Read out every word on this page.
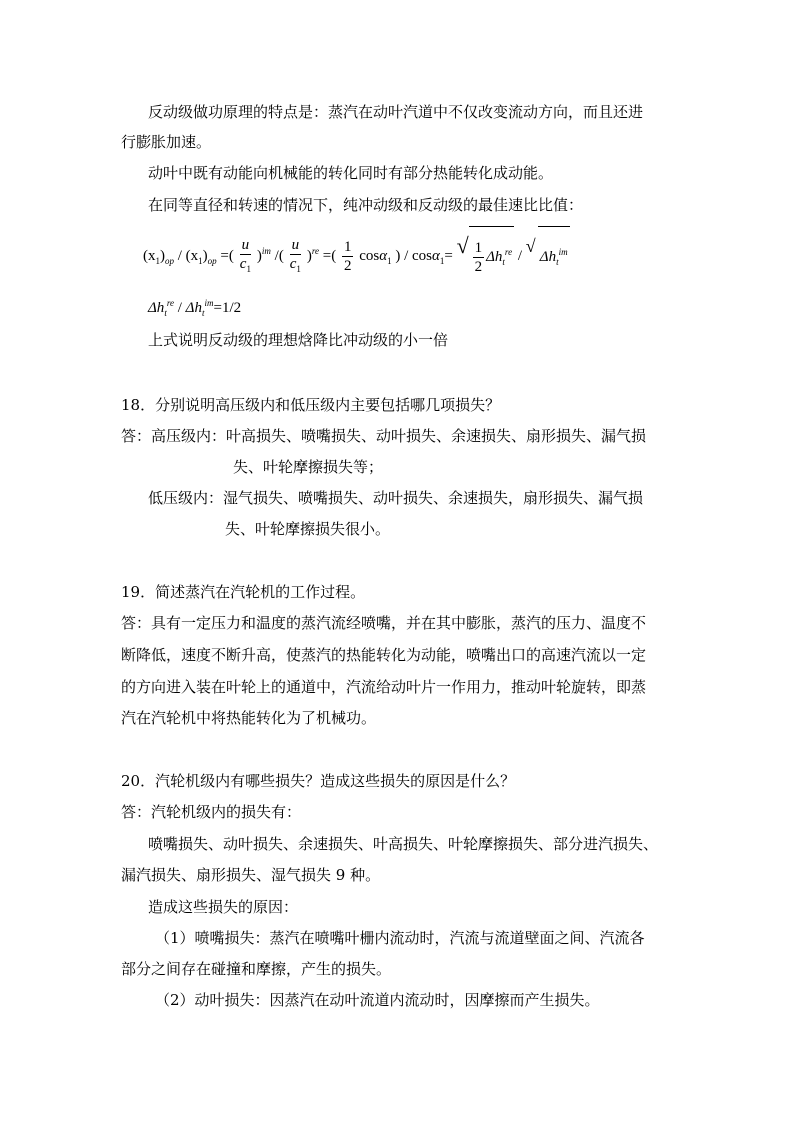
反动级做功原理的特点是：蒸汽在动叶汽道中不仅改变流动方向，而且还进
行膨胀加速。
动叶中既有动能向机械能的转化同时有部分热能转化成动能。
在同等直径和转速的情况下，纯冲动级和反动级的最佳速比比值：
$(x_1)_{op} / (x_1)_{op}$ =( $\frac{u}{c_1} )^{im}$ /( $\frac{u}{c_1} )^{re}$ =( $\frac{1}{2} \cos\alpha_1$ ) / cosα$_1$= √ $\frac{1}{2} \Delta h_t^{re}$ / √
$\Delta h_t^{im}$
$\Delta h_t^{re} / \Delta h_t^{im}=1/2$
上式说明反动级的理想焓降比冲动级的小一倍
18．分别说明高压级内和低压级内主要包括哪几项损失？
答：高压级内：叶高损失、喷嘴损失、动叶损失、余速损失、扇形损失、漏气损
失、叶轮摩擦损失等；
低压级内：湿气损失、喷嘴损失、动叶损失、余速损失，扇形损失、漏气损
失、叶轮摩擦损失很小。
19．简述蒸汽在汽轮机的工作过程。
答：具有一定压力和温度的蒸汽流经喷嘴，并在其中膨胀，蒸汽的压力、温度不
断降低，速度不断升高，使蒸汽的热能转化为动能，喷嘴出口的高速汽流以一定
的方向进入装在叶轮上的通道中，汽流给动叶片一作用力，推动叶轮旋转，即蒸
汽在汽轮机中将热能转化为了机械功。
20．汽轮机级内有哪些损失？造成这些损失的原因是什么？
答：汽轮机级内的损失有：
喷嘴损失、动叶损失、余速损失、叶高损失、叶轮摩擦损失、部分进汽损失、
漏汽损失、扇形损失、湿气损失 9 种。
造成这些损失的原因：
（1）喷嘴损失：蒸汽在喷嘴叶栅内流动时，汽流与流道壁面之间、汽流各
部分之间存在碰撞和摩擦，产生的损失。
（2）动叶损失：因蒸汽在动叶流道内流动时，因摩擦而产生损失。
